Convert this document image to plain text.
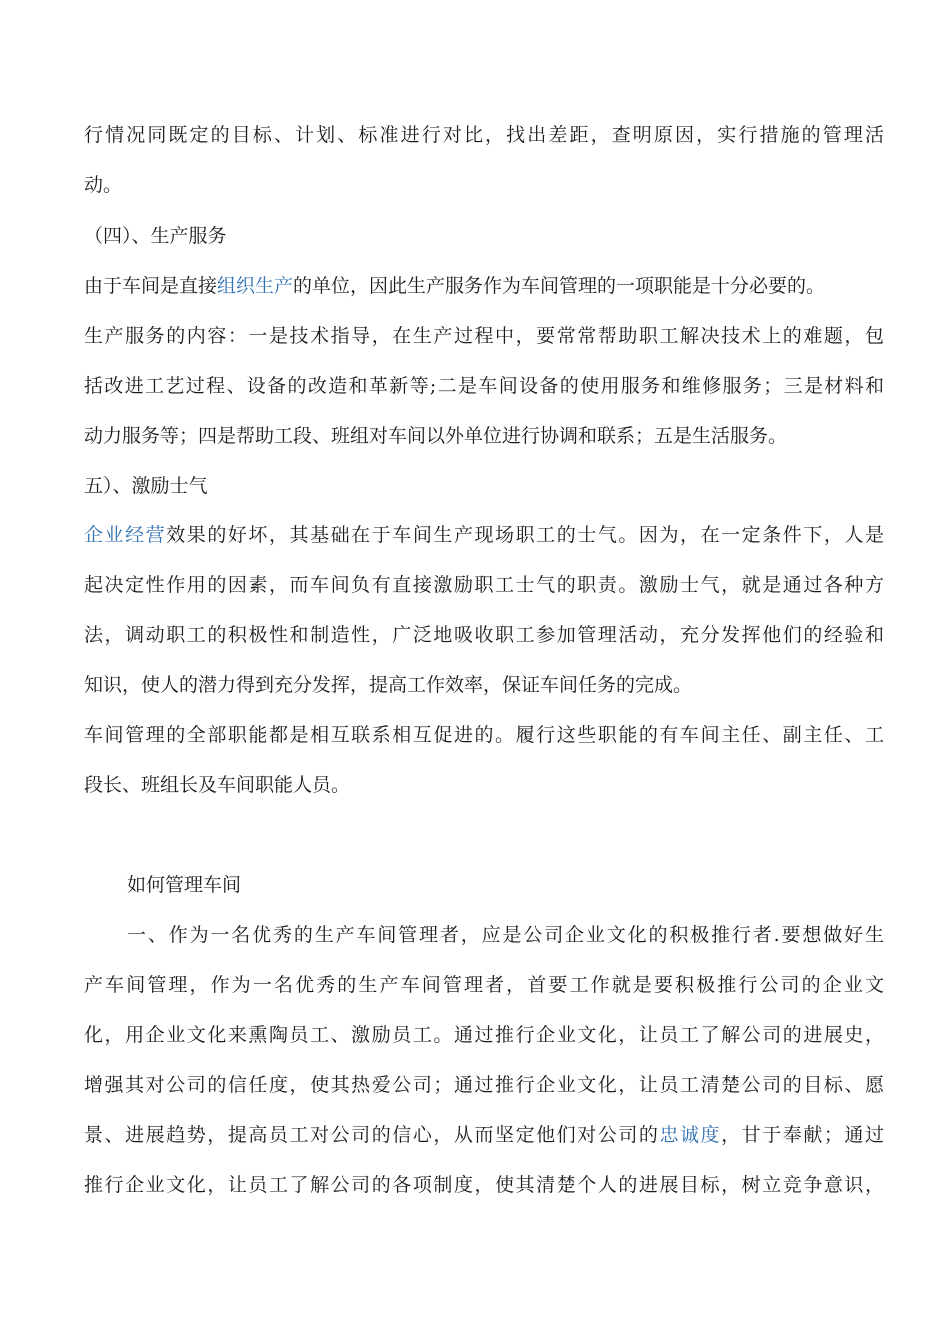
行情况同既定的目标、计划、标准进行对比，找出差距，查明原因，实行措施的管理活
动。
（四）、生产服务
由于车间是直接组织生产的单位，因此生产服务作为车间管理的一项职能是十分必要的。
生产服务的内容：一是技术指导，在生产过程中，要常常帮助职工解决技术上的难题，包
括改进工艺过程、设备的改造和革新等;二是车间设备的使用服务和维修服务；三是材料和
动力服务等；四是帮助工段、班组对车间以外单位进行协调和联系；五是生活服务。
五）、激励士气
企业经营效果的好坏，其基础在于车间生产现场职工的士气。因为，在一定条件下，人是
起决定性作用的因素，而车间负有直接激励职工士气的职责。激励士气，就是通过各种方
法，调动职工的积极性和制造性，广泛地吸收职工参加管理活动，充分发挥他们的经验和
知识，使人的潜力得到充分发挥，提高工作效率，保证车间任务的完成。
车间管理的全部职能都是相互联系相互促进的。履行这些职能的有车间主任、副主任、工
段长、班组长及车间职能人员。
如何管理车间
一、作为一名优秀的生产车间管理者，应是公司企业文化的积极推行者.要想做好生
产车间管理，作为一名优秀的生产车间管理者，首要工作就是要积极推行公司的企业文
化，用企业文化来熏陶员工、激励员工。通过推行企业文化，让员工了解公司的进展史，
增强其对公司的信任度，使其热爱公司；通过推行企业文化，让员工清楚公司的目标、愿
景、进展趋势，提高员工对公司的信心，从而坚定他们对公司的忠诚度，甘于奉献；通过
推行企业文化，让员工了解公司的各项制度，使其清楚个人的进展目标，树立竞争意识，
